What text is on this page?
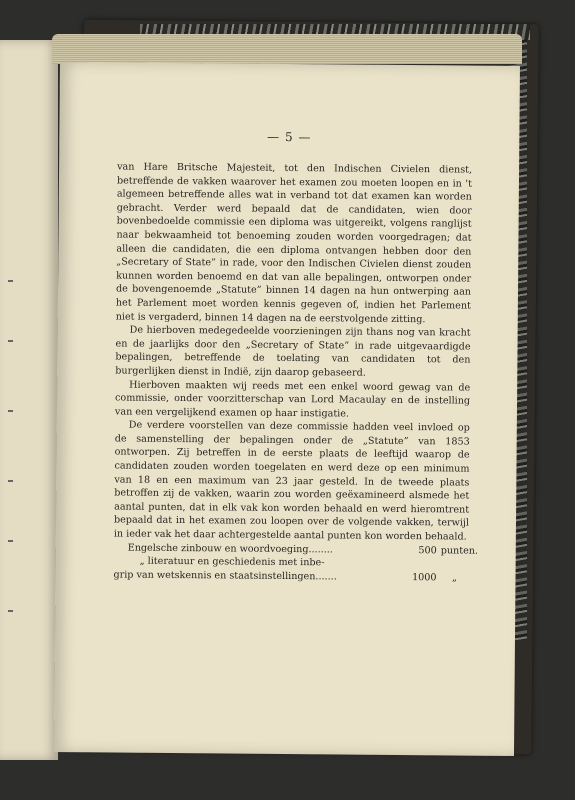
— 5 —

van Hare Britsche Majesteit, tot den Indischen Civielen dienst, betreffende de vakken waarover het examen zou moeten loopen en in 't algemeen betreffende alles wat in verband tot dat examen kan worden gebracht. Verder werd bepaald dat de candidaten, wien door bovenbedoelde commissie een diploma was uitgereikt, volgens ranglijst naar bekwaamheid tot benoeming zouden worden voorgedragen; dat alleen die candidaten, die een diploma ontvangen hebben door den „Secretary of State” in rade, voor den Indischen Civielen dienst zouden kunnen worden benoemd en dat van alle bepalingen, ontworpen onder de bovengenoemde „Statute” binnen 14 dagen na hun ontwerping aan het Parlement moet worden kennis gegeven of, indien het Parlement niet is vergaderd, binnen 14 dagen na de eerstvolgende zitting.

De hierboven medegedeelde voorzieningen zijn thans nog van kracht en de jaarlijks door den „Secretary of State” in rade uitgevaardigde bepalingen, betreffende de toelating van candidaten tot den burgerlijken dienst in Indië, zijn daarop gebaseerd.

Hierboven maakten wij reeds met een enkel woord gewag van de commissie, onder voorzitterschap van Lord Macaulay en de instelling van een vergelijkend examen op haar instigatie.

De verdere voorstellen van deze commissie hadden veel invloed op de samenstelling der bepalingen onder de „Statute” van 1853 ontworpen. Zij betreffen in de eerste plaats de leeftijd waarop de candidaten zouden worden toegelaten en werd deze op een minimum van 18 en een maximum van 23 jaar gesteld. In de tweede plaats betroffen zij de vakken, waarin zou worden geëxamineerd alsmede het aantal punten, dat in elk vak kon worden behaald en werd hieromtrent bepaald dat in het examen zou loopen over de volgende vakken, terwijl in ieder vak het daar achtergestelde aantal punten kon worden behaald.

Engelsche zinbouw en woordvoeging........	500 punten.
„ literatuur en geschiedenis met inbe-
grip van wetskennis en staatsinstellingen.......	1000	„
